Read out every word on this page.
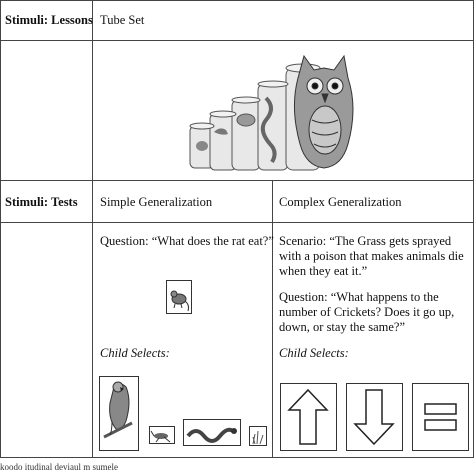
Stimuli: Lessons Tube Set
Stimuli: Tests Simple Generalization	Complex Generalization
Question: “What does the rat eat?”
Child Selects:
Scenario: “The Grass gets sprayed
with a poison that makes animals die
when they eat it.”
Question: “What happens to the
number of Crickets? Does it go up,
down, or stay the same?”
Child Selects:
koodo itudinal deviaul m sumele
